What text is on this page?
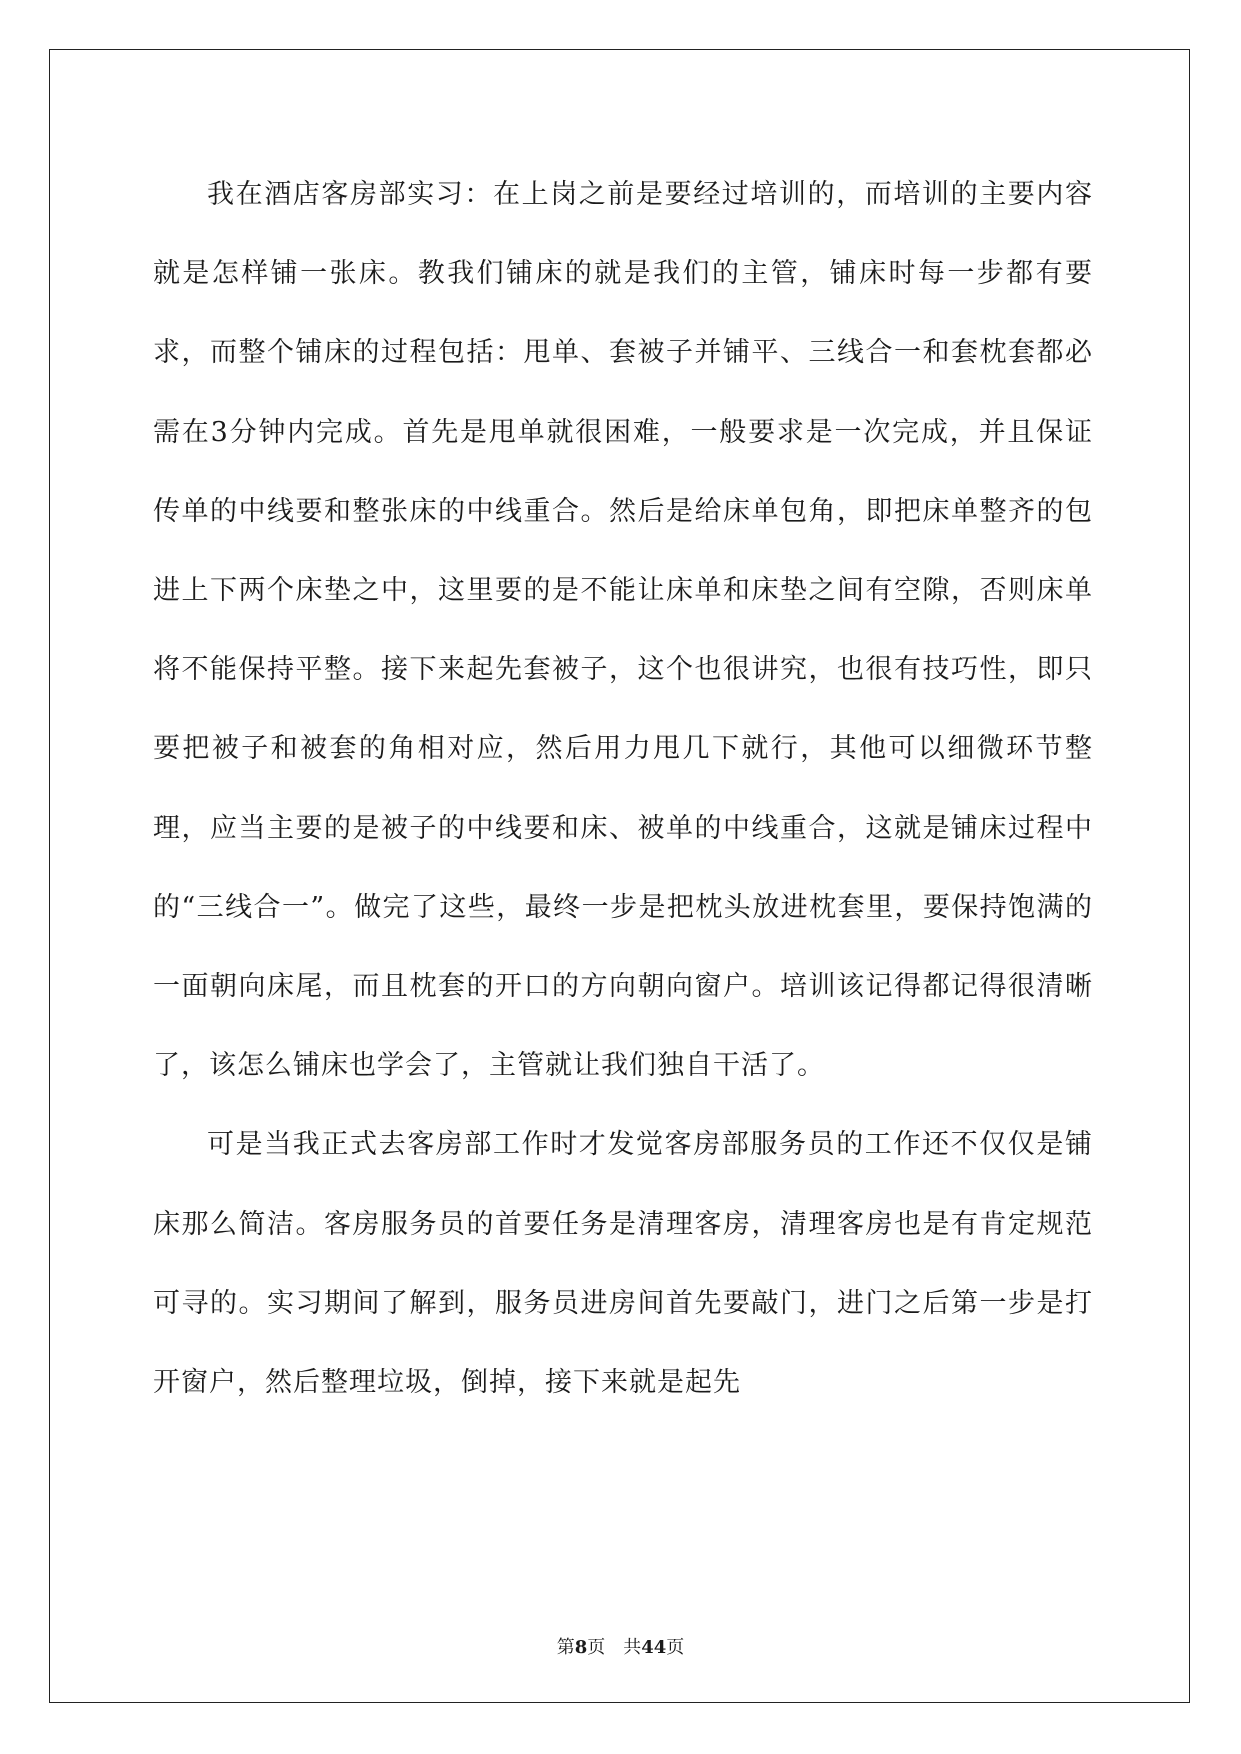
我在酒店客房部实习：在上岗之前是要经过培训的，而培训的主要内容就是怎样铺一张床。教我们铺床的就是我们的主管，铺床时每一步都有要求，而整个铺床的过程包括：甩单、套被子并铺平、三线合一和套枕套都必需在3分钟内完成。首先是甩单就很困难，一般要求是一次完成，并且保证传单的中线要和整张床的中线重合。然后是给床单包角，即把床单整齐的包进上下两个床垫之中，这里要的是不能让床单和床垫之间有空隙，否则床单将不能保持平整。接下来起先套被子，这个也很讲究，也很有技巧性，即只要把被子和被套的角相对应，然后用力甩几下就行，其他可以细微环节整理，应当主要的是被子的中线要和床、被单的中线重合，这就是铺床过程中的“三线合一”。做完了这些，最终一步是把枕头放进枕套里，要保持饱满的一面朝向床尾，而且枕套的开口的方向朝向窗户。培训该记得都记得很清晰了，该怎么铺床也学会了，主管就让我们独自干活了。

可是当我正式去客房部工作时才发觉客房部服务员的工作还不仅仅是铺床那么简洁。客房服务员的首要任务是清理客房，清理客房也是有肯定规范可寻的。实习期间了解到，服务员进房间首先要敲门，进门之后第一步是打开窗户，然后整理垃圾，倒掉，接下来就是起先

第8页　共44页
